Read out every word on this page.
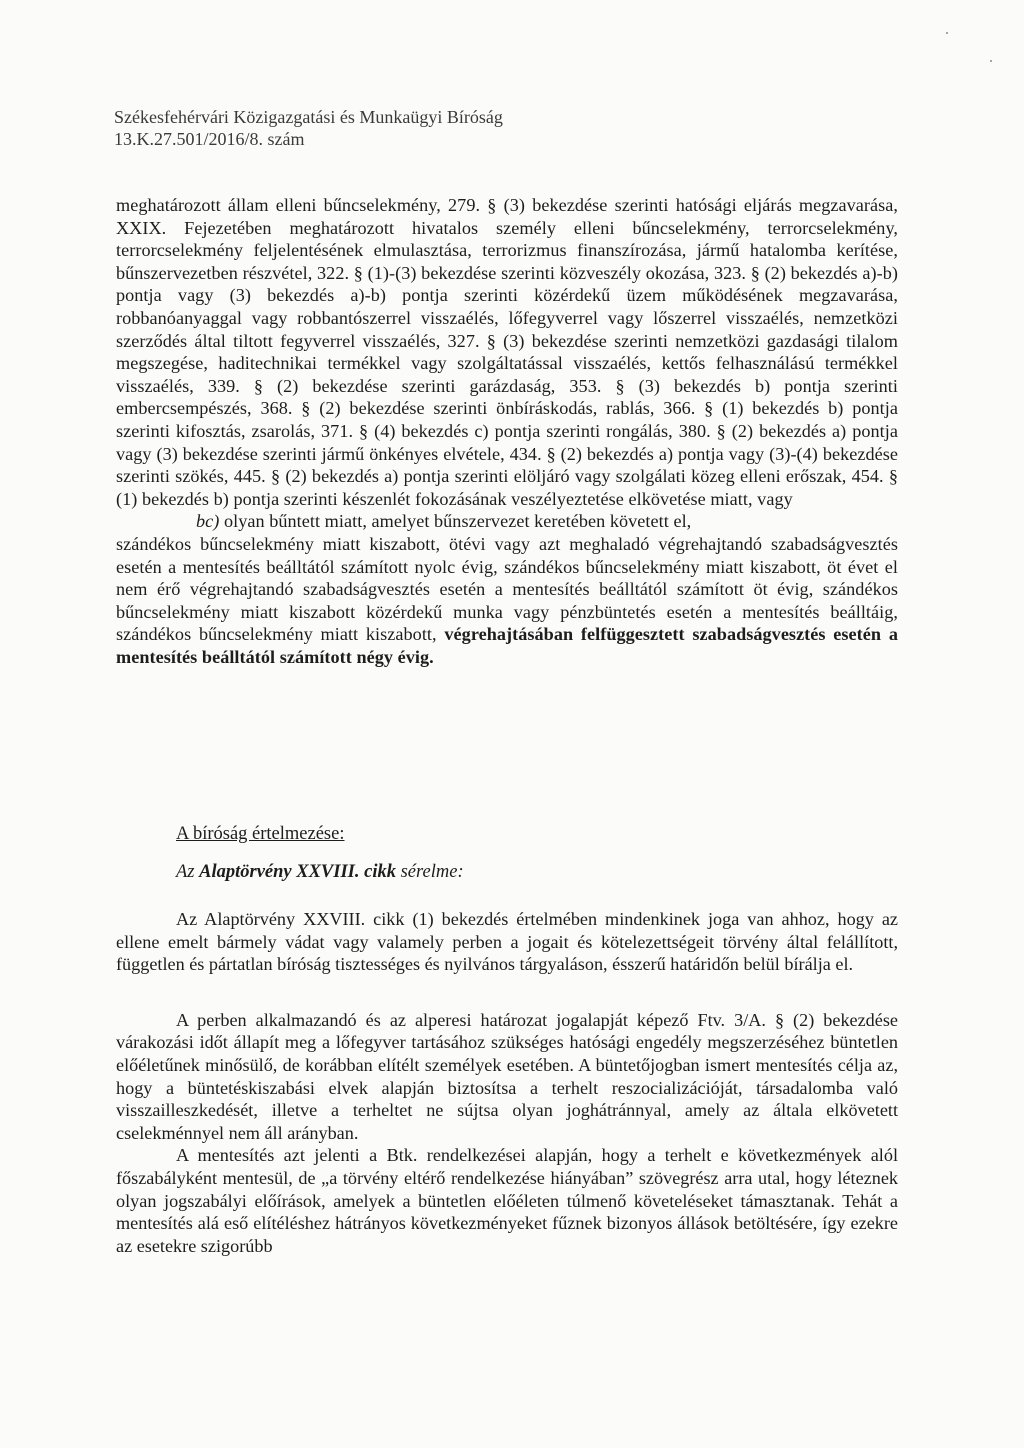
Székesfehérvári Közigazgatási és Munkaügyi Bíróság
13.K.27.501/2016/8. szám

meghatározott állam elleni bűncselekmény, 279. § (3) bekezdése szerinti hatósági eljárás megzavarása, XXIX. Fejezetében meghatározott hivatalos személy elleni bűncselekmény, terrorcselekmény, terrorcselekmény feljelentésének elmulasztása, terrorizmus finanszírozása, jármű hatalomba kerítése, bűnszervezetben részvétel, 322. § (1)-(3) bekezdése szerinti közveszély okozása, 323. § (2) bekezdés a)-b) pontja vagy (3) bekezdés a)-b) pontja szerinti közérdekű üzem működésének megzavarása, robbanóanyaggal vagy robbantószerrel visszaélés, lőfegyverrel vagy lőszerrel visszaélés, nemzetközi szerződés által tiltott fegyverrel visszaélés, 327. § (3) bekezdése szerinti nemzetközi gazdasági tilalom megszegése, haditechnikai termékkel vagy szolgáltatással visszaélés, kettős felhasználású termékkel visszaélés, 339. § (2) bekezdése szerinti garázdaság, 353. § (3) bekezdés b) pontja szerinti embercsempészés, 368. § (2) bekezdése szerinti önbíráskodás, rablás, 366. § (1) bekezdés b) pontja szerinti kifosztás, zsarolás, 371. § (4) bekezdés c) pontja szerinti rongálás, 380. § (2) bekezdés a) pontja vagy (3) bekezdése szerinti jármű önkényes elvétele, 434. § (2) bekezdés a) pontja vagy (3)-(4) bekezdése szerinti szökés, 445. § (2) bekezdés a) pontja szerinti elöljáró vagy szolgálati közeg elleni erőszak, 454. § (1) bekezdés b) pontja szerinti készenlét fokozásának veszélyeztetése elkövetése miatt, vagy

bc) olyan bűntett miatt, amelyet bűnszervezet keretében követett el,

szándékos bűncselekmény miatt kiszabott, ötévi vagy azt meghaladó végrehajtandó szabadságvesztés esetén a mentesítés beálltától számított nyolc évig, szándékos bűncselekmény miatt kiszabott, öt évet el nem érő végrehajtandó szabadságvesztés esetén a mentesítés beálltától számított öt évig, szándékos bűncselekmény miatt kiszabott közérdekű munka vagy pénzbüntetés esetén a mentesítés beálltáig, szándékos bűncselekmény miatt kiszabott, végrehajtásában felfüggesztett szabadságvesztés esetén a mentesítés beálltától számított négy évig.

A bíróság értelmezése:
Az Alaptörvény XXVIII. cikk sérelme:

Az Alaptörvény XXVIII. cikk (1) bekezdés értelmében mindenkinek joga van ahhoz, hogy az ellene emelt bármely vádat vagy valamely perben a jogait és kötelezettségeit törvény által felállított, független és pártatlan bíróság tisztességes és nyilvános tárgyaláson, ésszerű határidőn belül bírálja el.

A perben alkalmazandó és az alperesi határozat jogalapját képező Ftv. 3/A. § (2) bekezdése várakozási időt állapít meg a lőfegyver tartásához szükséges hatósági engedély megszerzéséhez büntetlen előéletűnek minősülő, de korábban elítélt személyek esetében. A büntetőjogban ismert mentesítés célja az, hogy a büntetéskiszabási elvek alapján biztosítsa a terhelt reszocializációját, társadalomba való visszailleszkedését, illetve a terheltet ne sújtsa olyan joghátránnyal, amely az általa elkövetett cselekménnyel nem áll arányban.

A mentesítés azt jelenti a Btk. rendelkezései alapján, hogy a terhelt e következmények alól főszabályként mentesül, de „a törvény eltérő rendelkezése hiányában” szövegrész arra utal, hogy léteznek olyan jogszabályi előírások, amelyek a büntetlen előéleten túlmenő követeléseket támasztanak. Tehát a mentesítés alá eső elítéléshez hátrányos következményeket fűznek bizonyos állások betöltésére, így ezekre az esetekre szigorúbb
